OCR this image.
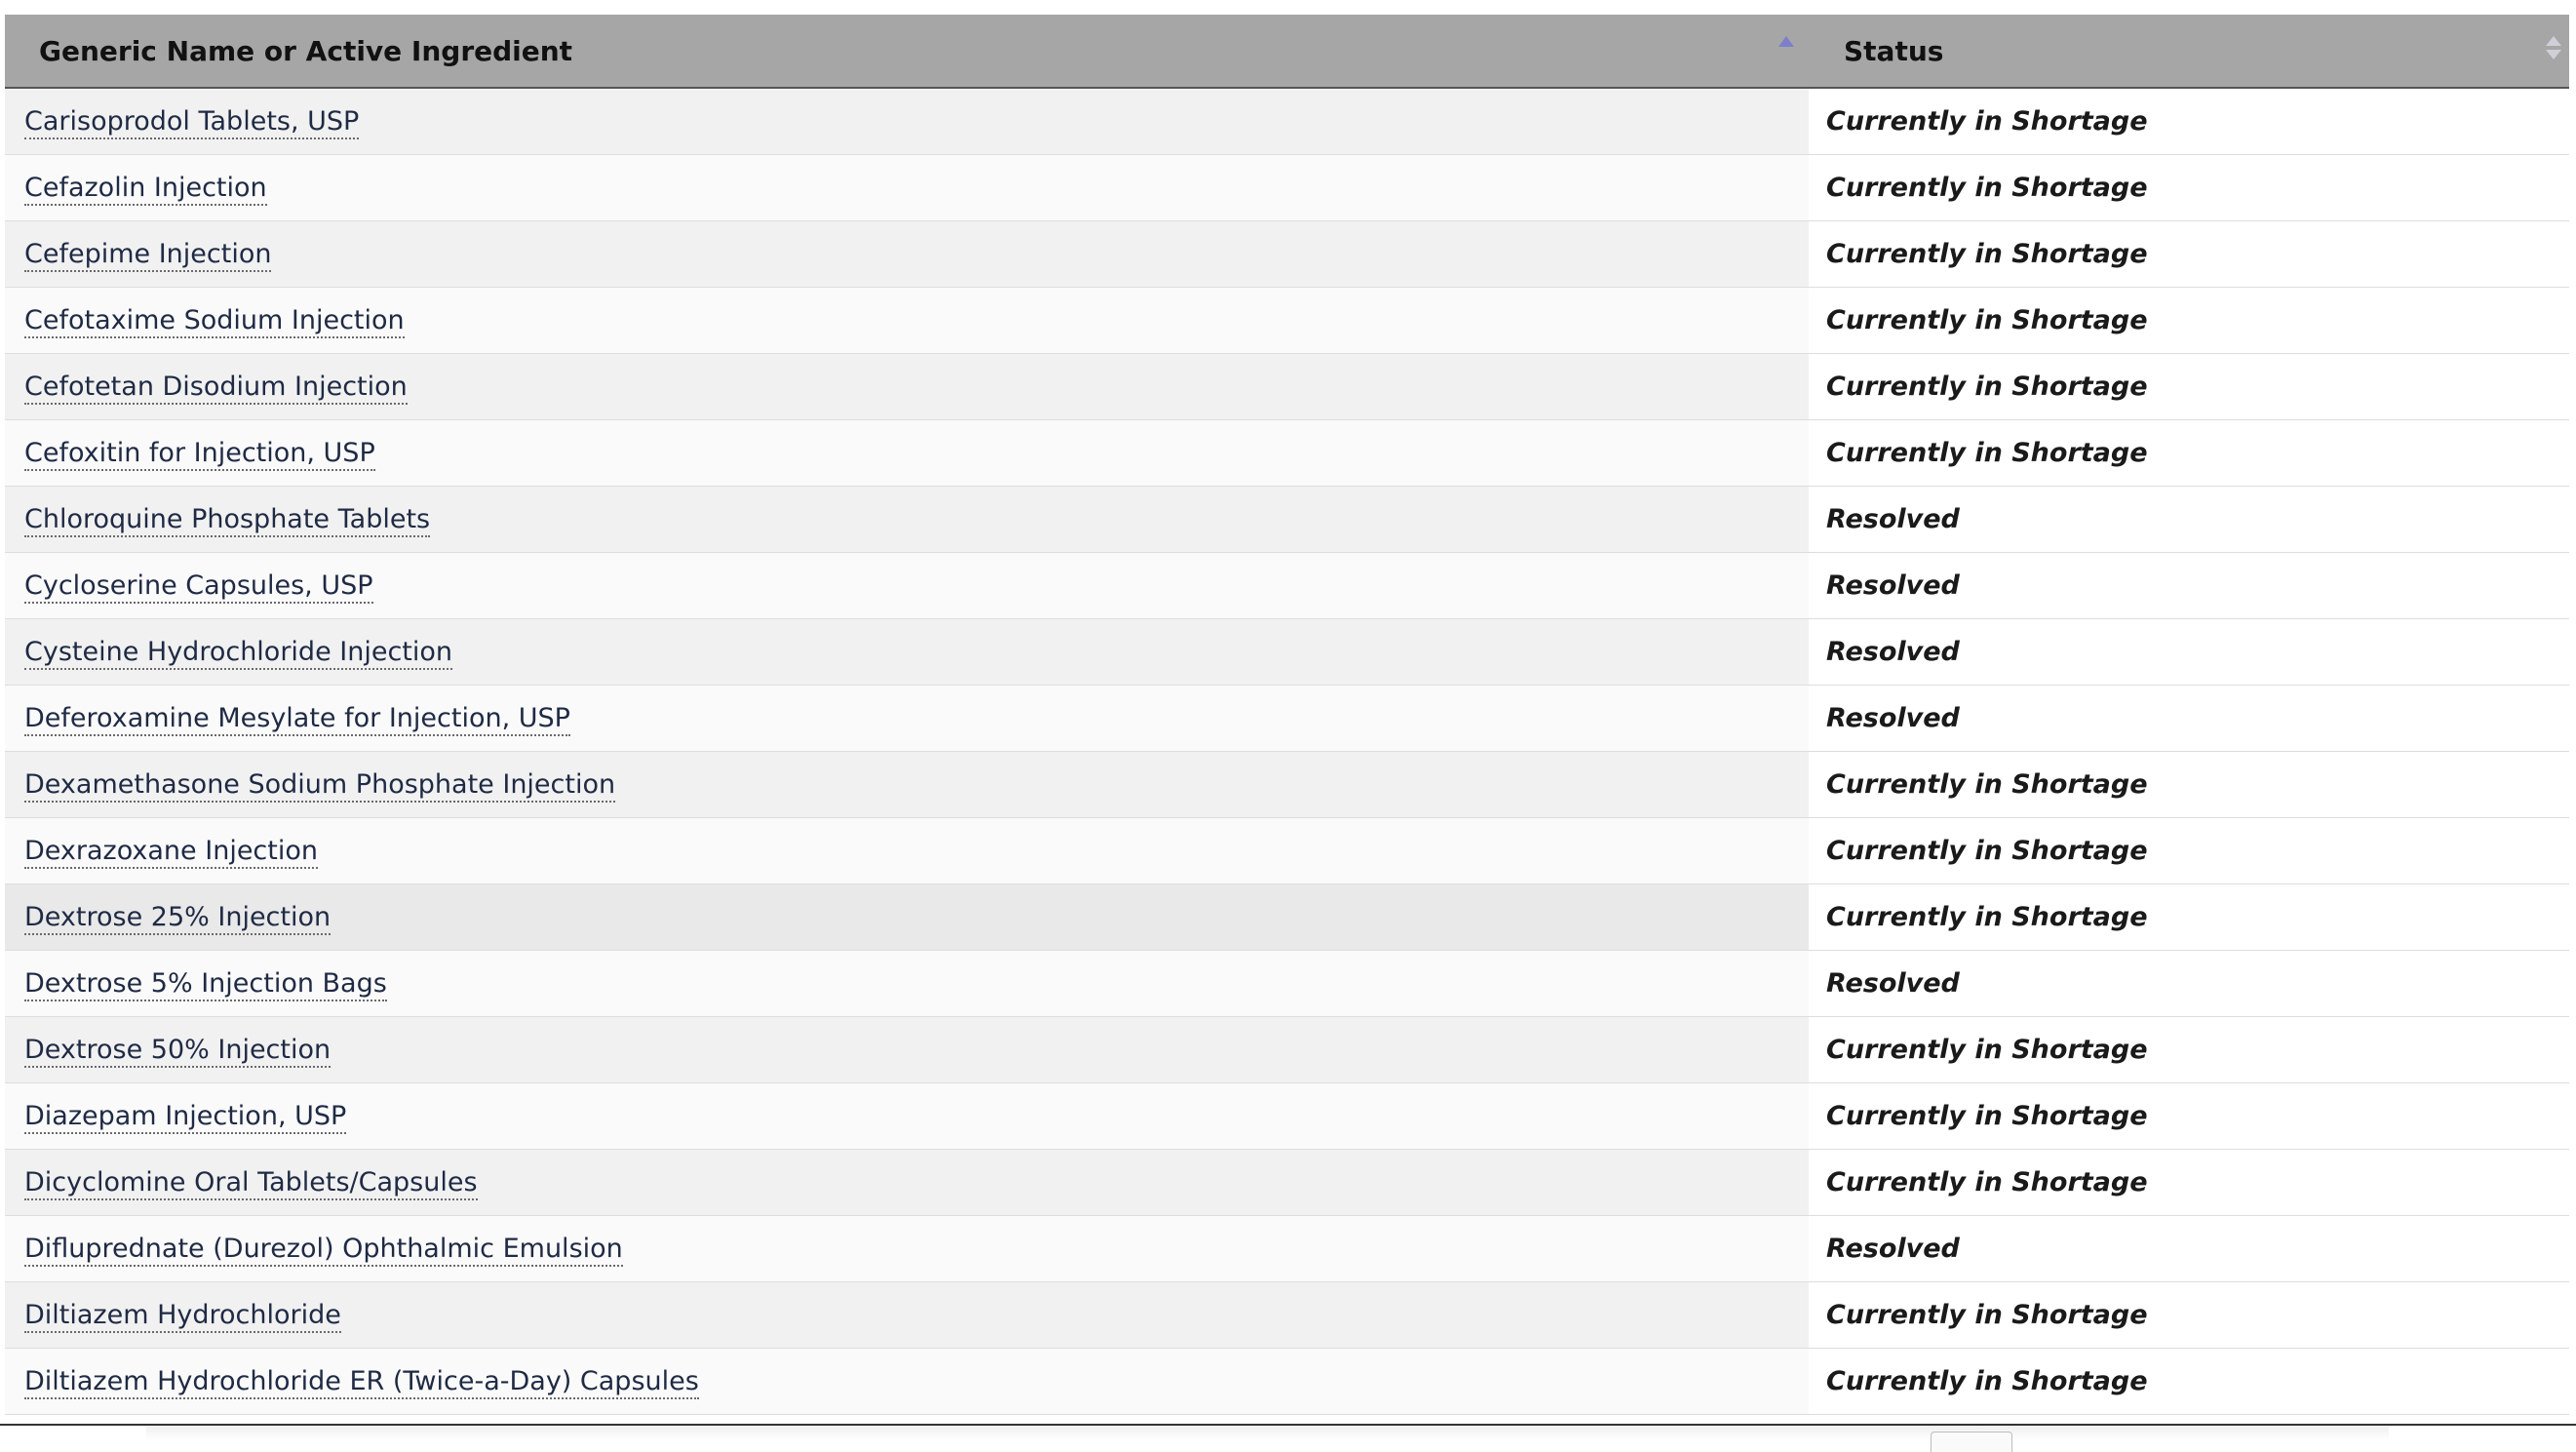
Generic Name or Active Ingredient	Status

Carisoprodol Tablets, USP	Currently in Shortage
Cefazolin Injection	Currently in Shortage
Cefepime Injection	Currently in Shortage
Cefotaxime Sodium Injection	Currently in Shortage
Cefotetan Disodium Injection	Currently in Shortage
Cefoxitin for Injection, USP	Currently in Shortage
Chloroquine Phosphate Tablets	Resolved
Cycloserine Capsules, USP	Resolved
Cysteine Hydrochloride Injection	Resolved
Deferoxamine Mesylate for Injection, USP	Resolved
Dexamethasone Sodium Phosphate Injection	Currently in Shortage
Dexrazoxane Injection	Currently in Shortage
Dextrose 25% Injection	Currently in Shortage
Dextrose 5% Injection Bags	Resolved
Dextrose 50% Injection	Currently in Shortage
Diazepam Injection, USP	Currently in Shortage
Dicyclomine Oral Tablets/Capsules	Currently in Shortage
Difluprednate (Durezol) Ophthalmic Emulsion	Resolved
Diltiazem Hydrochloride	Currently in Shortage
Diltiazem Hydrochloride ER (Twice-a-Day) Capsules	Currently in Shortage
